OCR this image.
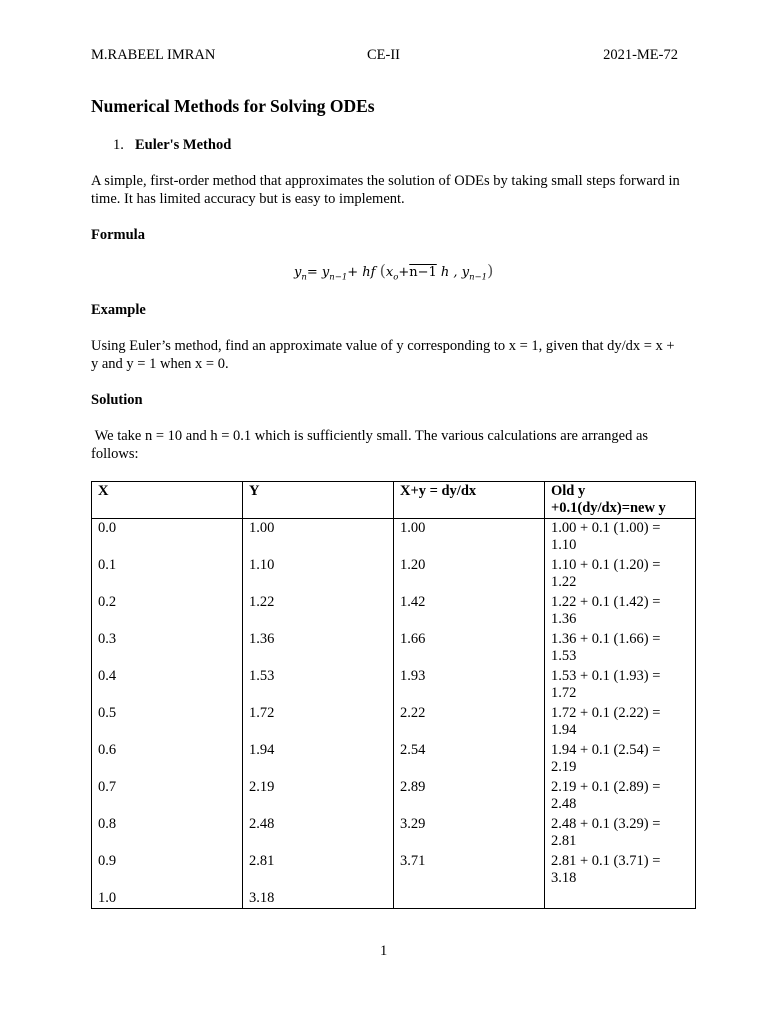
M.RABEEL IMRAN	CE-II	2021-ME-72
Numerical Methods for Solving ODEs
1. Euler's Method
A simple, first-order method that approximates the solution of ODEs by taking small steps forward in time. It has limited accuracy but is easy to implement.
Formula
$y_n= y_{n-1}+$ hf ($x_o+n-1$ h , $y_{n-1}$)
Example
Using Euler’s method, find an approximate value of y corresponding to x = 1, given that dy/dx = x + y and y = 1 when x = 0.
Solution
We take n = 10 and h = 0.1 which is sufficiently small. The various calculations are arranged as follows:
X	Y	X+y = dy/dx	Old y +0.1(dy/dx)=new y
0.0	1.00	1.00	1.00 + 0.1 (1.00) = 1.10
0.1	1.10	1.20	1.10 + 0.1 (1.20) = 1.22
0.2	1.22	1.42	1.22 + 0.1 (1.42) = 1.36
0.3	1.36	1.66	1.36 + 0.1 (1.66) = 1.53
0.4	1.53	1.93	1.53 + 0.1 (1.93) = 1.72
0.5	1.72	2.22	1.72 + 0.1 (2.22) = 1.94
0.6	1.94	2.54	1.94 + 0.1 (2.54) = 2.19
0.7	2.19	2.89	2.19 + 0.1 (2.89) = 2.48
0.8	2.48	3.29	2.48 + 0.1 (3.29) = 2.81
0.9	2.81	3.71	2.81 + 0.1 (3.71) = 3.18
1.0	3.18		
1
